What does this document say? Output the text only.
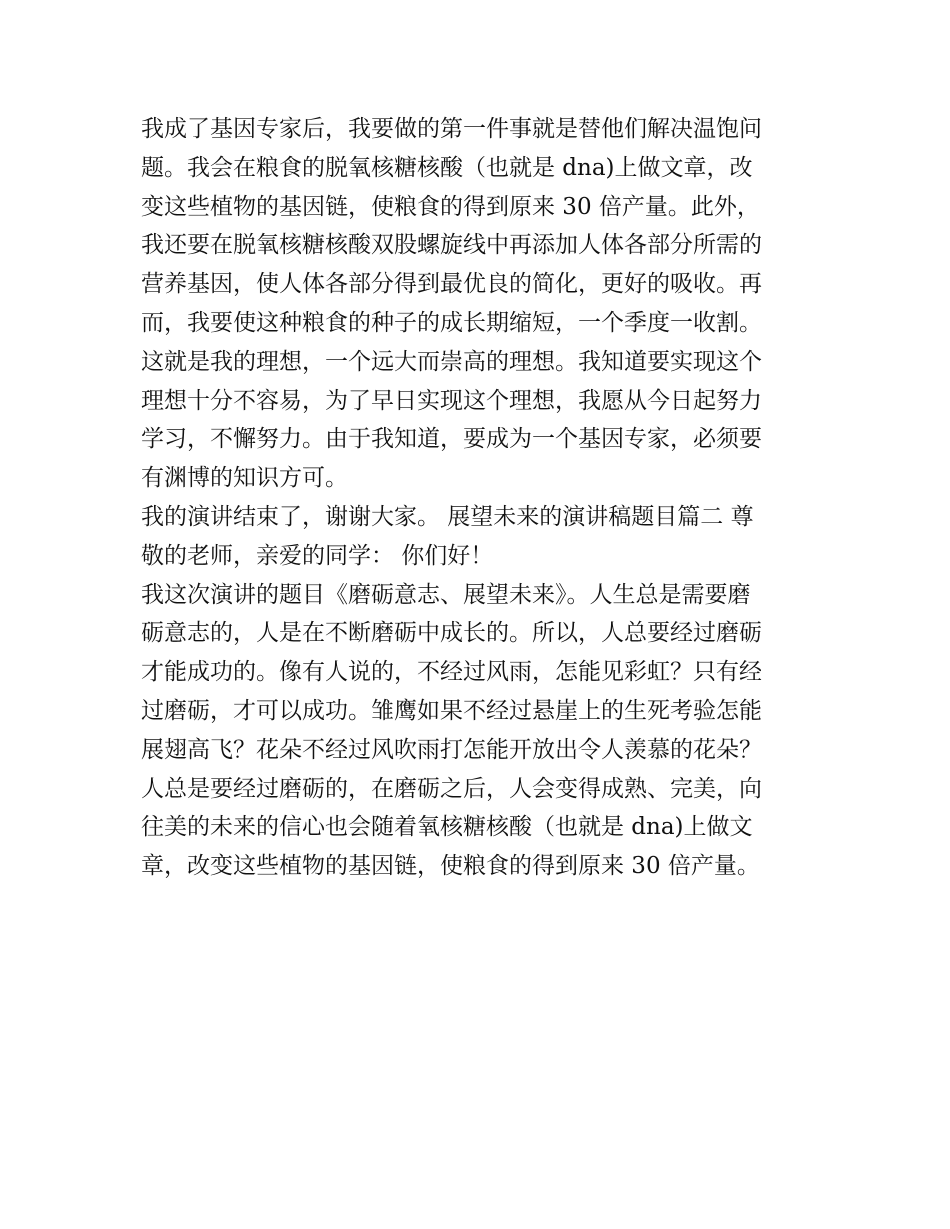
我成了基因专家后，我要做的第一件事就是替他们解决温饱问
题。我会在粮食的脱氧核糖核酸（也就是 dna)上做文章，改
变这些植物的基因链，使粮食的得到原来 30 倍产量。此外，
我还要在脱氧核糖核酸双股螺旋线中再添加人体各部分所需的
营养基因，使人体各部分得到最优良的简化，更好的吸收。再
而，我要使这种粮食的种子的成长期缩短，一个季度一收割。
这就是我的理想，一个远大而崇高的理想。我知道要实现这个
理想十分不容易，为了早日实现这个理想，我愿从今日起努力
学习，不懈努力。由于我知道，要成为一个基因专家，必须要
有渊博的知识方可。
我的演讲结束了，谢谢大家。 展望未来的演讲稿题目篇二 尊
敬的老师，亲爱的同学： 你们好！
我这次演讲的题目《磨砺意志、展望未来》。人生总是需要磨
砺意志的，人是在不断磨砺中成长的。所以，人总要经过磨砺
才能成功的。像有人说的，不经过风雨，怎能见彩虹？只有经
过磨砺，才可以成功。雏鹰如果不经过悬崖上的生死考验怎能
展翅高飞？花朵不经过风吹雨打怎能开放出令人羡慕的花朵？
人总是要经过磨砺的，在磨砺之后，人会变得成熟、完美，向
往美的未来的信心也会随着氧核糖核酸（也就是 dna)上做文
章，改变这些植物的基因链，使粮食的得到原来 30 倍产量。
